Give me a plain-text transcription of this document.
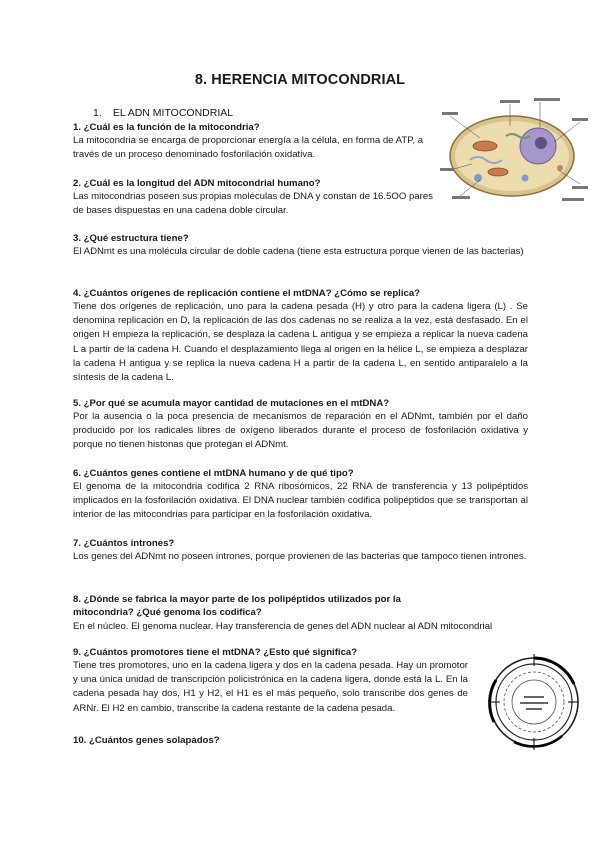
8. HERENCIA MITOCONDRIAL
1. EL ADN MITOCONDRIAL
1. ¿Cuál es la función de la mitocondria?
La mitocondria se encarga de proporcionar energía a la célula, en forma de ATP, a través de un proceso denominado fosforilación oxidativa.
2. ¿Cuál es la longitud del ADN mitocondrial humano?
Las mitocondrias poseen sus propias moléculas de DNA y constan de 16.5OO pares de bases dispuestas en una cadena doble circular.
3. ¿Qué estructura tiene?
El ADNmt es una molécula circular de doble cadena (tiene esta estructura porque vienen de las bacterias)
4. ¿Cuántos orígenes de replicación contiene el mtDNA? ¿Cómo se replica?
Tiene dos orígenes de replicación, uno para la cadena pesada (H) y otro para la cadena ligera (L) . Se denomina replicación en D, la replicación de las dos cadenas no se realiza a la vez, está desfasado. En el origen H empieza la replicación, se desplaza la cadena L antigua y se empieza a replicar la nueva cadena L a partir de la cadena H. Cuando el desplazamiento llega al origen en la hélice L, se empieza a desplazar la cadena H antigua y se replica la nueva cadena H a partir de la cadena L, en sentido antiparalelo a la síntesis de la cadena L.
5. ¿Por qué se acumula mayor cantidad de mutaciones en el mtDNA?
Por la ausencia o la poca presencia de mecanismos de reparación en el ADNmt, también por el daño producido por los radicales libres de oxígeno liberados durante el proceso de fosforilación oxidativa y porque no tienen histonas que protegan el ADNmt.
6. ¿Cuántos genes contiene el mtDNA humano y de qué tipo?
El genoma de la mitocondria codifica 2 RNA ribosómicos, 22 RNA de transferencia y 13 polipéptidos implicados en la fosforilación oxidativa. El DNA nuclear también codifica polipéptidos que se transportan al interior de las mitocondrias para participar en la fosforilación oxidativa.
7. ¿Cuántos intrones?
Los genes del ADNmt no poseen intrones, porque provienen de las bacterias que tampoco tienen intrones.
8. ¿Dónde se fabrica la mayor parte de los polipéptidos utilizados por la mitocondria? ¿Qué genoma los codifica?
En el núcleo. El genoma nuclear. Hay transferencia de genes del ADN nuclear al ADN mitocondrial
9. ¿Cuántos promotores tiene el mtDNA? ¿Esto qué significa?
Tiene tres promotores, uno en la cadena ligera y dos en la cadena pesada. Hay un promotor y una única unidad de transcripción policistrónica en la cadena ligera, donde está la L. En la cadena pesada hay dos, H1 y H2, el H1 es el más pequeño, solo transcribe dos genes de ARNr. El H2 en cambio, transcribe la cadena restante de la cadena pesada.
10. ¿Cuántos genes solapados?
